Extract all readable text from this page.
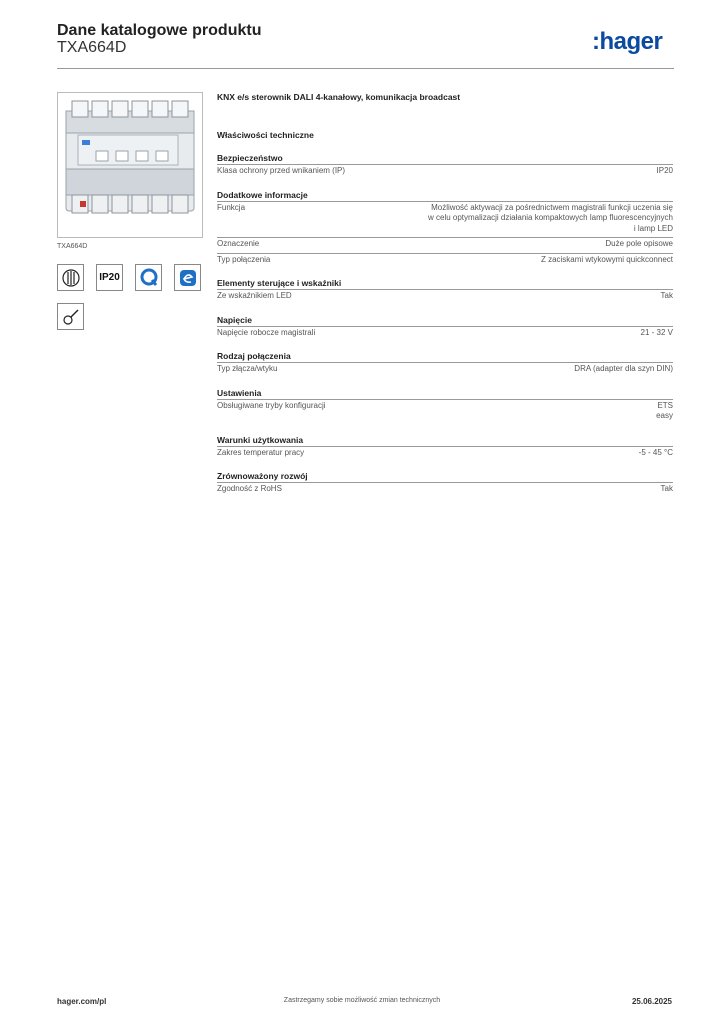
Dane katalogowe produktu
TXA664D	:hager
TXA664D
IP20
KNX e/s sterownik DALI 4-kanałowy, komunikacja broadcast
Właściwości techniczne
Bezpieczeństwo
Klasa ochrony przed wnikaniem (IP)	IP20
Dodatkowe informacje
Funkcja	Możliwość aktywacji za pośrednictwem magistrali funkcji uczenia się
w celu optymalizacji działania kompaktowych lamp fluorescencyjnych
i lamp LED
Oznaczenie	Duże pole opisowe
Typ połączenia	Z zaciskami wtykowymi quickconnect
Elementy sterujące i wskaźniki
Ze wskaźnikiem LED	Tak
Napięcie
Napięcie robocze magistrali	21 - 32 V
Rodzaj połączenia
Typ złącza/wtyku	DRA (adapter dla szyn DIN)
Ustawienia
Obsługiwane tryby konfiguracji	ETS
easy
Warunki użytkowania
Zakres temperatur pracy	-5 - 45 °C
Zrównoważony rozwój
Zgodność z RoHS	Tak
hager.com/pl	Zastrzegamy sobie możliwość zmian technicznych	25.06.2025
